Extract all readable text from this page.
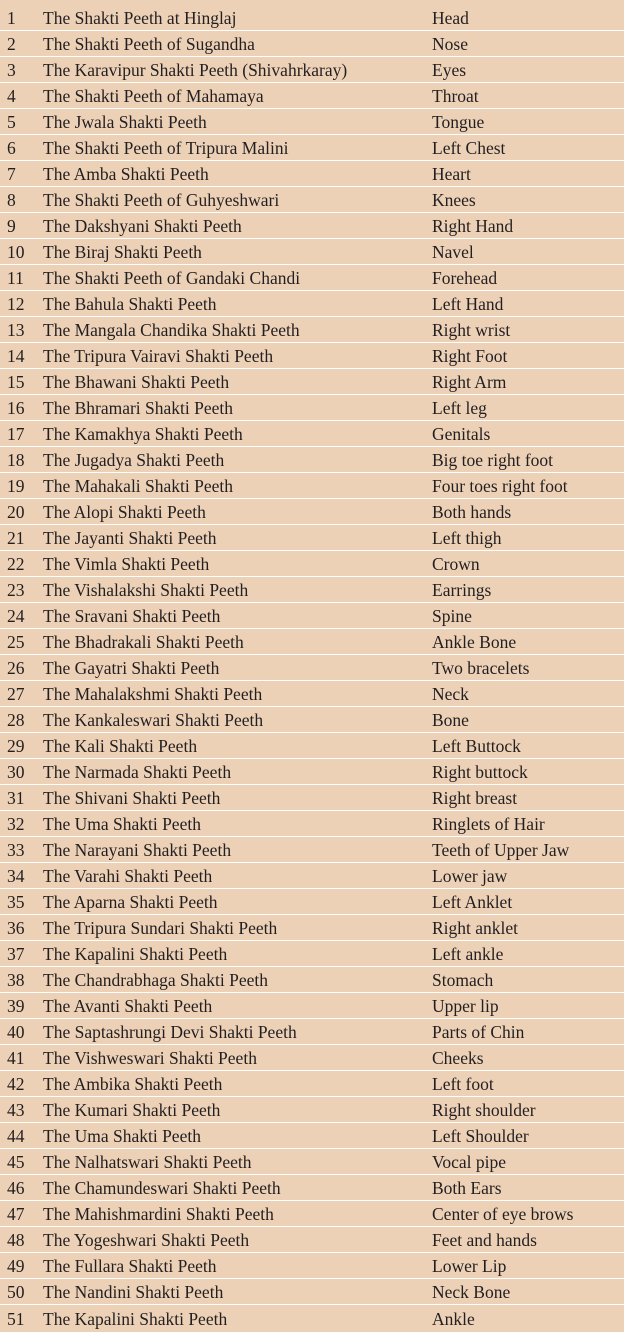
1 The Shakti Peeth at Hinglaj	Head
2 The Shakti Peeth of Sugandha	Nose
3 The Karavipur Shakti Peeth (Shivahrkaray)	Eyes
4 The Shakti Peeth of Mahamaya	Throat
5 The Jwala Shakti Peeth	Tongue
6 The Shakti Peeth of Tripura Malini	Left Chest
7 The Amba Shakti Peeth	Heart
8 The Shakti Peeth of Guhyeshwari	Knees
9 The Dakshyani Shakti Peeth	Right Hand
10 The Biraj Shakti Peeth	Navel
11 The Shakti Peeth of Gandaki Chandi	Forehead
12 The Bahula Shakti Peeth	Left Hand
13 The Mangala Chandika Shakti Peeth	Right wrist
14 The Tripura Vairavi Shakti Peeth	Right Foot
15 The Bhawani Shakti Peeth	Right Arm
16 The Bhramari Shakti Peeth	Left leg
17 The Kamakhya Shakti Peeth	Genitals
18 The Jugadya Shakti Peeth	Big toe right foot
19 The Mahakali Shakti Peeth	Four toes right foot
20 The Alopi Shakti Peeth	Both hands
21 The Jayanti Shakti Peeth	Left thigh
22 The Vimla Shakti Peeth	Crown
23 The Vishalakshi Shakti Peeth	Earrings
24 The Sravani Shakti Peeth	Spine
25 The Bhadrakali Shakti Peeth	Ankle Bone
26 The Gayatri Shakti Peeth	Two bracelets
27 The Mahalakshmi Shakti Peeth	Neck
28 The Kankaleswari Shakti Peeth	Bone
29 The Kali Shakti Peeth	Left Buttock
30 The Narmada Shakti Peeth	Right buttock
31 The Shivani Shakti Peeth	Right breast
32 The Uma Shakti Peeth	Ringlets of Hair
33 The Narayani Shakti Peeth	Teeth of Upper Jaw
34 The Varahi Shakti Peeth	Lower jaw
35 The Aparna Shakti Peeth	Left Anklet
36 The Tripura Sundari Shakti Peeth	Right anklet
37 The Kapalini Shakti Peeth	Left ankle
38 The Chandrabhaga Shakti Peeth	Stomach
39 The Avanti Shakti Peeth	Upper lip
40 The Saptashrungi Devi Shakti Peeth	Parts of Chin
41 The Vishweswari Shakti Peeth	Cheeks
42 The Ambika Shakti Peeth	Left foot
43 The Kumari Shakti Peeth	Right shoulder
44 The Uma Shakti Peeth	Left Shoulder
45 The Nalhatswari Shakti Peeth	Vocal pipe
46 The Chamundeswari Shakti Peeth	Both Ears
47 The Mahishmardini Shakti Peeth	Center of eye brows
48 The Yogeshwari Shakti Peeth	Feet and hands
49 The Fullara Shakti Peeth	Lower Lip
50 The Nandini Shakti Peeth	Neck Bone
51 The Kapalini Shakti Peeth	Ankle
